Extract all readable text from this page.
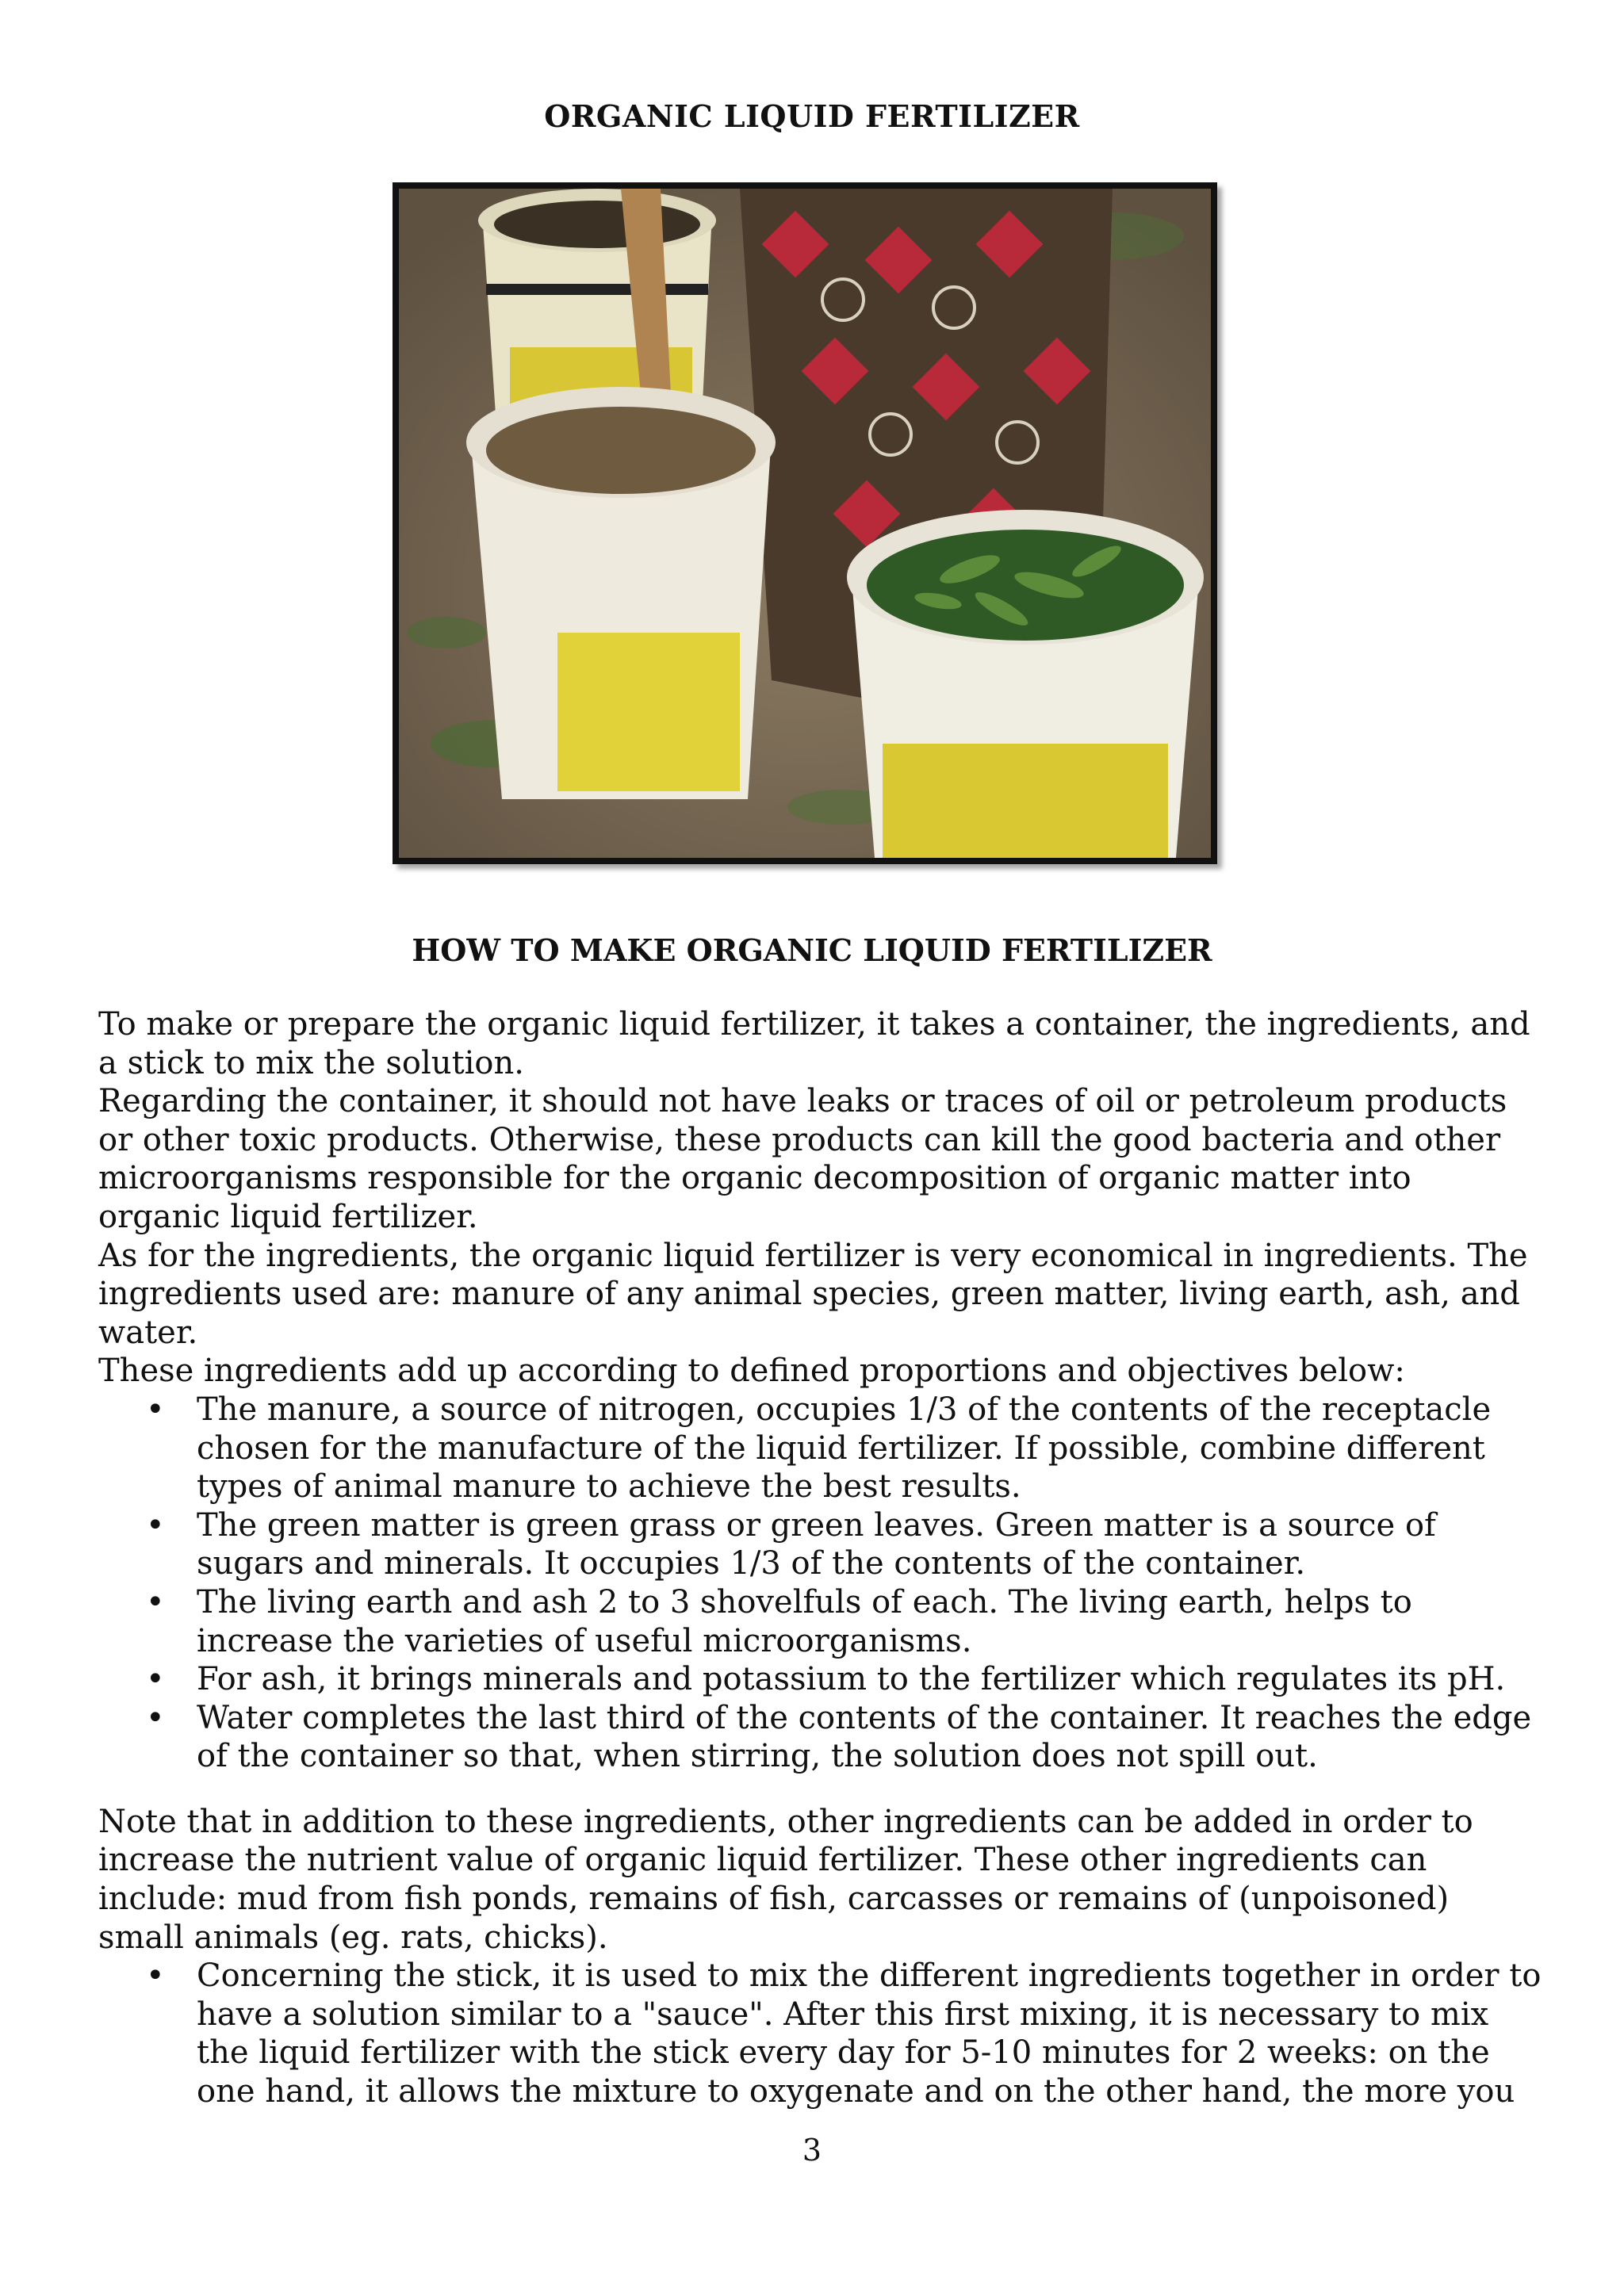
ORGANIC LIQUID FERTILIZER
HOW TO MAKE ORGANIC LIQUID FERTILIZER

To make or prepare the organic liquid fertilizer, it takes a container, the ingredients, and a stick to mix the solution.

Regarding the container, it should not have leaks or traces of oil or petroleum products or other toxic products. Otherwise, these products can kill the good bacteria and other microorganisms responsible for the organic decomposition of organic matter into organic liquid fertilizer.

As for the ingredients, the organic liquid fertilizer is very economical in ingredients. The ingredients used are: manure of any animal species, green matter, living earth, ash, and water.

These ingredients add up according to defined proportions and objectives below:

• The manure, a source of nitrogen, occupies 1/3 of the contents of the receptacle chosen for the manufacture of the liquid fertilizer. If possible, combine different types of animal manure to achieve the best results.
• The green matter is green grass or green leaves. Green matter is a source of sugars and minerals. It occupies 1/3 of the contents of the container.
• The living earth and ash 2 to 3 shovelfuls of each. The living earth, helps to increase the varieties of useful microorganisms.
• For ash, it brings minerals and potassium to the fertilizer which regulates its pH.
• Water completes the last third of the contents of the container. It reaches the edge of the container so that, when stirring, the solution does not spill out.

Note that in addition to these ingredients, other ingredients can be added in order to increase the nutrient value of organic liquid fertilizer. These other ingredients can include: mud from fish ponds, remains of fish, carcasses or remains of (unpoisoned) small animals (eg. rats, chicks).

• Concerning the stick, it is used to mix the different ingredients together in order to have a solution similar to a "sauce". After this first mixing, it is necessary to mix the liquid fertilizer with the stick every day for 5-10 minutes for 2 weeks: on the one hand, it allows the mixture to oxygenate and on the other hand, the more you
3
